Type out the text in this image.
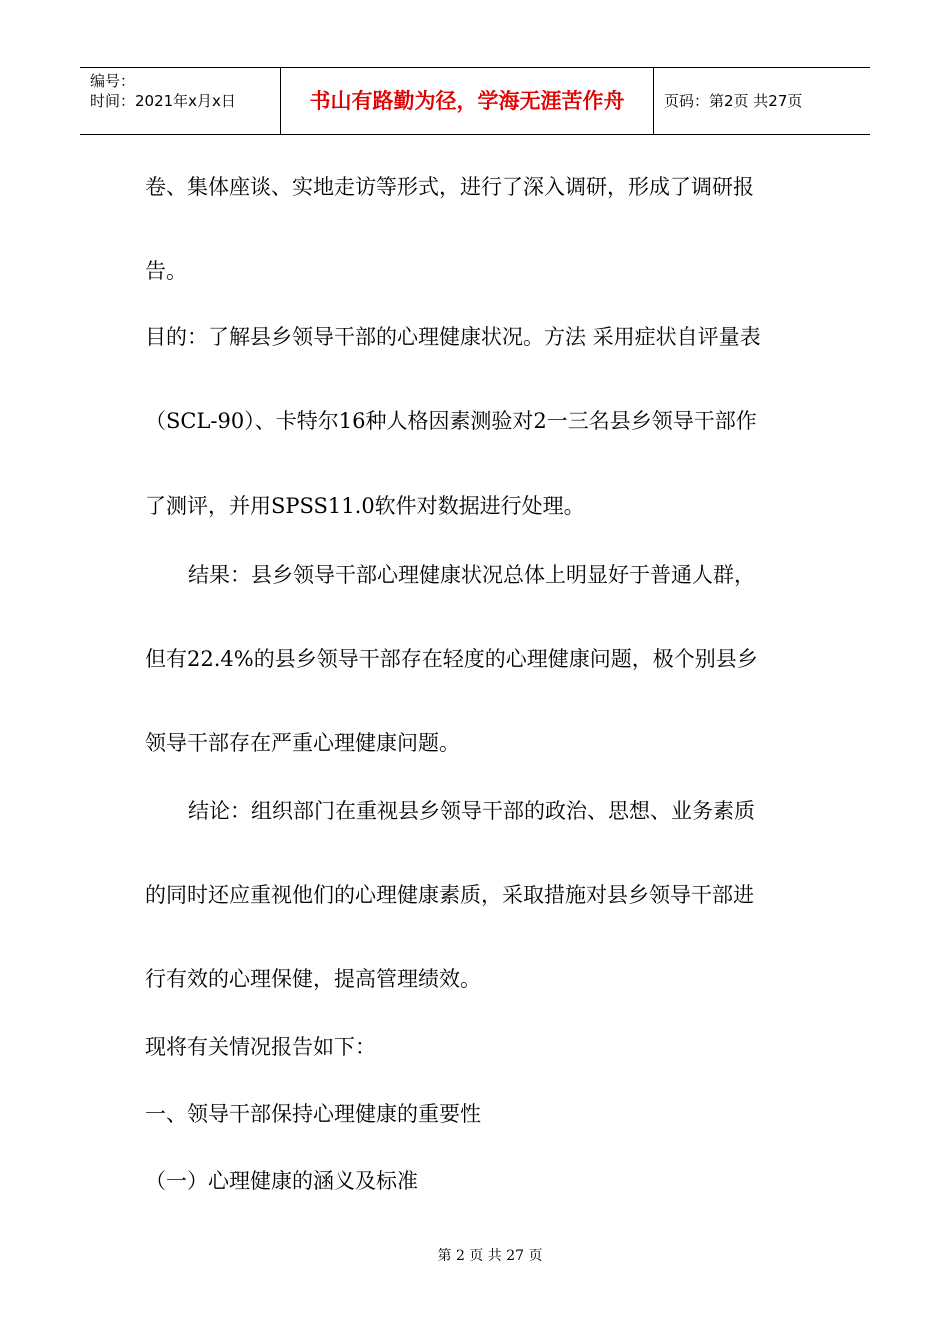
编号：
时间：2021年x月x日	书山有路勤为径，学海无涯苦作舟	页码：第2页 共27页
卷、集体座谈、实地走访等形式，进行了深入调研，形成了调研报
告。
目的：了解县乡领导干部的心理健康状况。方法 采用症状自评量表
（SCL-90）、卡特尔16种人格因素测验对2一三名县乡领导干部作
了测评，并用SPSS11.0软件对数据进行处理。
结果：县乡领导干部心理健康状况总体上明显好于普通人群，
但有22.4%的县乡领导干部存在轻度的心理健康问题，极个别县乡
领导干部存在严重心理健康问题。
结论：组织部门在重视县乡领导干部的政治、思想、业务素质
的同时还应重视他们的心理健康素质，采取措施对县乡领导干部进
行有效的心理保健，提高管理绩效。
现将有关情况报告如下：
一、领导干部保持心理健康的重要性
（一）心理健康的涵义及标准
第 2 页 共 27 页
